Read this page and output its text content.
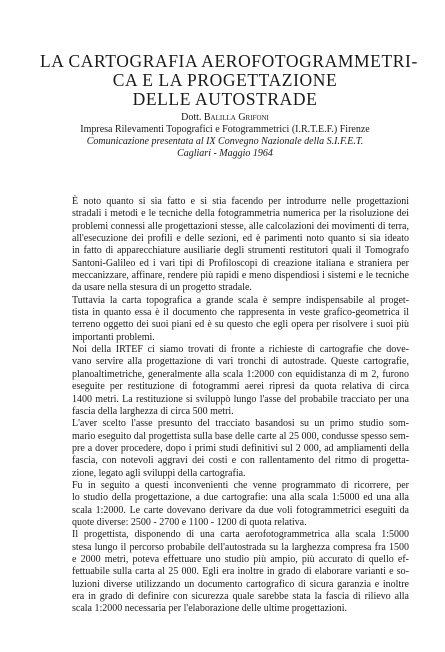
LA CARTOGRAFIA AEROFOTOGRAMMETRI-
CA E LA PROGETTAZIONE
DELLE AUTOSTRADE
Dott. Balilla Grifoni
Impresa Rilevamenti Topografici e Fotogrammetrici (I.R.T.E.F.) Firenze
Comunicazione presentata al IX Convegno Nazionale della S.I.F.E.T.
Cagliari - Maggio 1964

È noto quanto si sia fatto e si stia facendo per introdurre nelle progettazioni
stradali i metodi e le tecniche della fotogrammetria numerica per la risoluzione dei
problemi connessi alle progettazioni stesse, alle calcolazioni dei movimenti di terra,
all'esecuzione dei profili e delle sezioni, ed è parimenti noto quanto si sia ideato
in fatto di apparecchiature ausiliarie degli strumenti restitutori quali il Tomografo
Santoni-Galileo ed i vari tipi di Profiloscopi di creazione italiana e straniera per
meccanizzare, affinare, rendere più rapidi e meno dispendiosi i sistemi e le tecniche
da usare nella stesura di un progetto stradale.

Tuttavia la carta topografica a grande scala è sempre indispensabile al proget-
tista in quanto essa è il documento che rappresenta in veste grafico-geometrica il
terreno oggetto dei suoi piani ed è su questo che egli opera per risolvere i suoi più
importanti problemi.

Noi della IRTEF ci siamo trovati di fronte a richieste di cartografie che dove-
vano servire alla progettazione di vari tronchi di autostrade. Queste cartografie,
planoaltimetriche, generalmente alla scala 1:2000 con equidistanza di m 2, furono
eseguite per restituzione di fotogrammi aerei ripresi da quota relativa di circa
1400 metri. La restituzione si sviluppò lungo l'asse del probabile tracciato per una
fascia della larghezza di circa 500 metri.

L'aver scelto l'asse presunto del tracciato basandosi su un primo studio som-
mario eseguito dal progettista sulla base delle carte al 25 000, condusse spesso sem-
pre a dover procedere, dopo i primi studi definitivi sul 2 000, ad ampliamenti della
fascia, con notevoli aggravi dei costi e con rallentamento del ritmo di progetta-
zione, legato agli sviluppi della cartografia.

Fu in seguito a questi inconvenienti che venne programmato di ricorrere, per
lo studio della progettazione, a due cartografie: una alla scala 1:5000 ed una alla
scala 1:2000. Le carte dovevano derivare da due voli fotogrammetrici eseguiti da
quote diverse: 2500 - 2700 e 1100 - 1200 di quota relativa.

Il progettista, disponendo di una carta aerofotogrammetrica alla scala 1:5000
stesa lungo il percorso probabile dell'autostrada su la larghezza compresa fra 1500
e 2000 metri, poteva effettuare uno studio più ampio, più accurato di quello ef-
fettuabile sulla carta al 25 000. Egli era inoltre in grado di elaborare varianti e so-
luzioni diverse utilizzando un documento cartografico di sicura garanzia e inoltre
era in grado di definire con sicurezza quale sarebbe stata la fascia di rilievo alla
scala 1:2000 necessaria per l'elaborazione delle ultime progettazioni.
